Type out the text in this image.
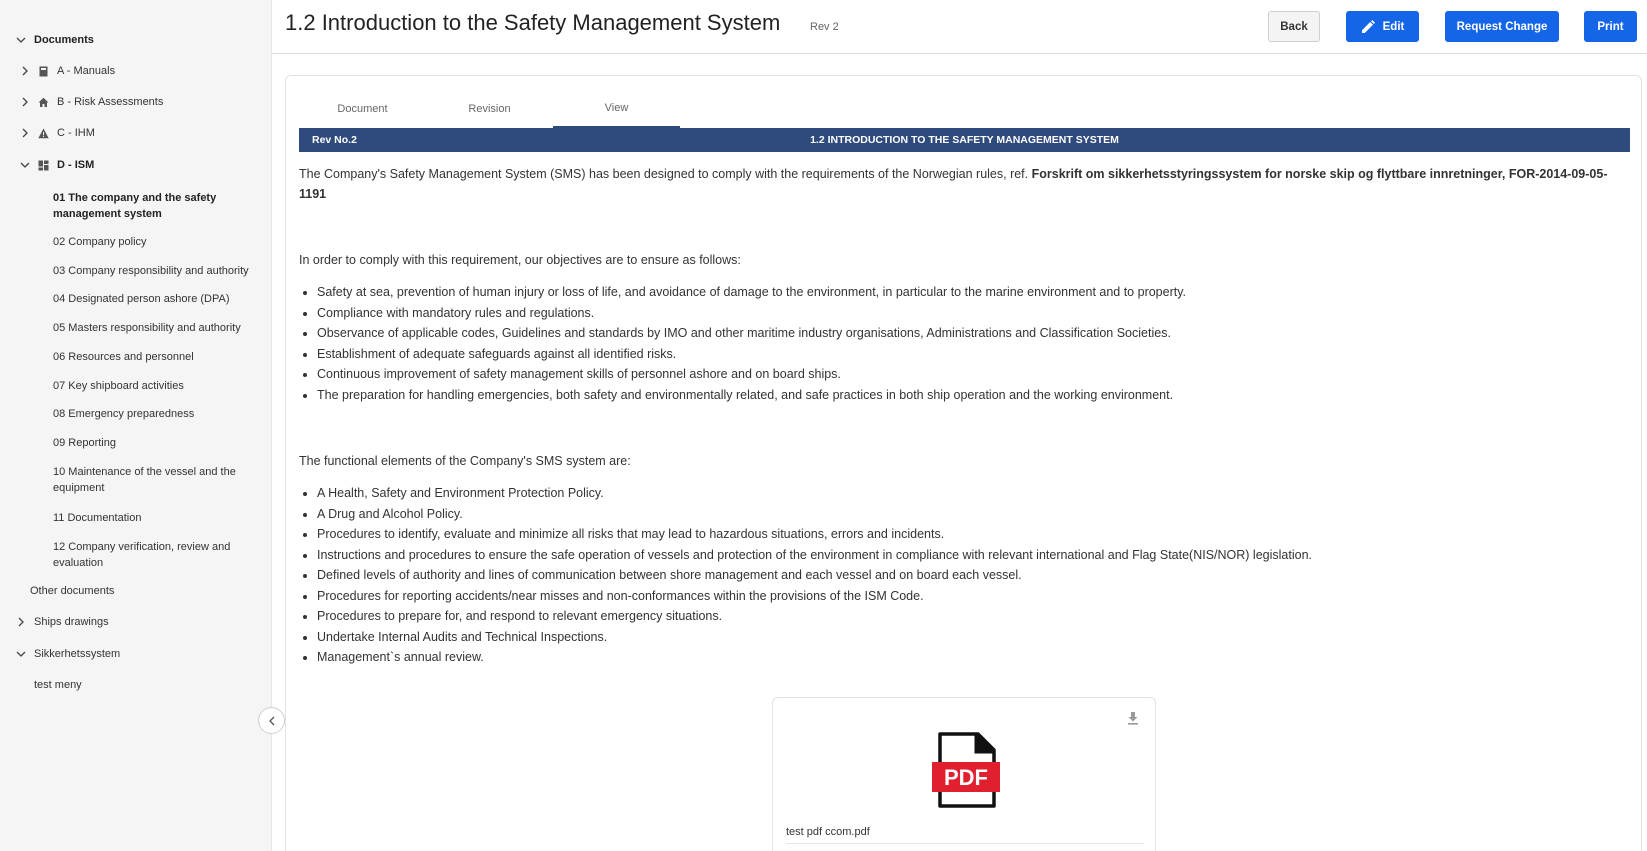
Documents
A - Manuals
B - Risk Assessments
C - IHM
D - ISM
01 The company and the safety management system
02 Company policy
03 Company responsibility and authority
04 Designated person ashore (DPA)
05 Masters responsibility and authority
06 Resources and personnel
07 Key shipboard activities
08 Emergency preparedness
09 Reporting
10 Maintenance of the vessel and the equipment
11 Documentation
12 Company verification, review and evaluation
Other documents
Ships drawings
Sikkerhetssystem
test meny
1.2 Introduction to the Safety Management System	Rev 2	Back	Edit	Request Change	Print
Document	Revision	View
Rev No.2	1.2 INTRODUCTION TO THE SAFETY MANAGEMENT SYSTEM

The Company's Safety Management System (SMS) has been designed to comply with the requirements of the Norwegian rules, ref. Forskrift om sikkerhetsstyringssystem for norske skip og flyttbare innretninger, FOR-2014-09-05-1191

In order to comply with this requirement, our objectives are to ensure as follows:

• Safety at sea, prevention of human injury or loss of life, and avoidance of damage to the environment, in particular to the marine environment and to property.
• Compliance with mandatory rules and regulations.
• Observance of applicable codes, Guidelines and standards by IMO and other maritime industry organisations, Administrations and Classification Societies.
• Establishment of adequate safeguards against all identified risks.
• Continuous improvement of safety management skills of personnel ashore and on board ships.
• The preparation for handling emergencies, both safety and environmentally related, and safe practices in both ship operation and the working environment.

The functional elements of the Company's SMS system are:

• A Health, Safety and Environment Protection Policy.
• A Drug and Alcohol Policy.
• Procedures to identify, evaluate and minimize all risks that may lead to hazardous situations, errors and incidents.
• Instructions and procedures to ensure the safe operation of vessels and protection of the environment in compliance with relevant international and Flag State(NIS/NOR) legislation.
• Defined levels of authority and lines of communication between shore management and each vessel and on board each vessel.
• Procedures for reporting accidents/near misses and non-conformances within the provisions of the ISM Code.
• Procedures to prepare for, and respond to relevant emergency situations.
• Undertake Internal Audits and Technical Inspections.
• Management`s annual review.
PDF
test pdf ccom.pdf
